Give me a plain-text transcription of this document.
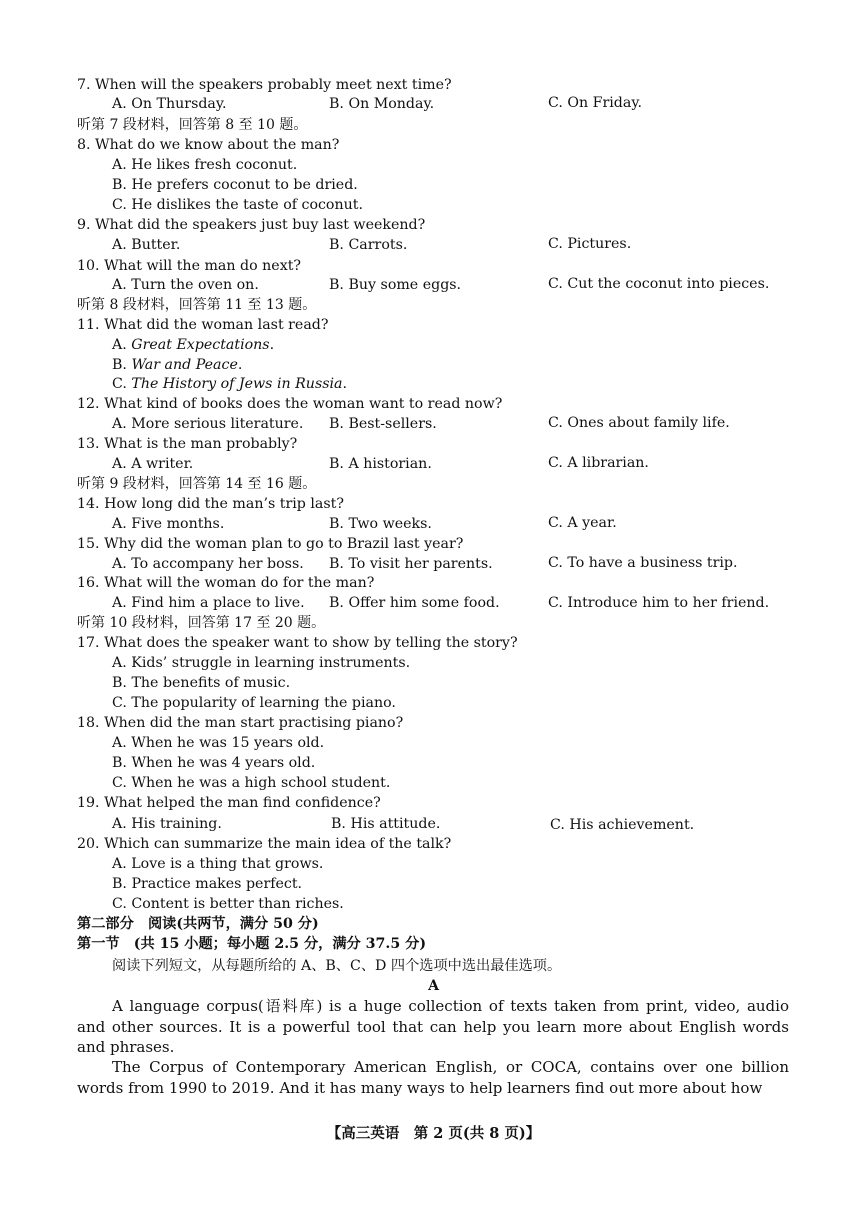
7. When will the speakers probably meet next time?
A. On Thursday.	B. On Monday.	C. On Friday.
听第 7 段材料，回答第 8 至 10 题。
8. What do we know about the man?
A. He likes fresh coconut.
B. He prefers coconut to be dried.
C. He dislikes the taste of coconut.
9. What did the speakers just buy last weekend?
A. Butter.	B. Carrots.	C. Pictures.
10. What will the man do next?
A. Turn the oven on.	B. Buy some eggs.	C. Cut the coconut into pieces.
听第 8 段材料，回答第 11 至 13 题。
11. What did the woman last read?
A. Great Expectations.
B. War and Peace.
C. The History of Jews in Russia.
12. What kind of books does the woman want to read now?
A. More serious literature. B. Best-sellers.	C. Ones about family life.
13. What is the man probably?
A. A writer.	B. A historian.	C. A librarian.
听第 9 段材料，回答第 14 至 16 题。
14. How long did the man’s trip last?
A. Five months.	B. Two weeks.	C. A year.
15. Why did the woman plan to go to Brazil last year?
A. To accompany her boss. B. To visit her parents.	C. To have a business trip.
16. What will the woman do for the man?
A. Find him a place to live. B. Offer him some food.	C. Introduce him to her friend.
听第 10 段材料，回答第 17 至 20 题。
17. What does the speaker want to show by telling the story?
A. Kids’ struggle in learning instruments.
B. The benefits of music.
C. The popularity of learning the piano.
18. When did the man start practising piano?
A. When he was 15 years old.
B. When he was 4 years old.
C. When he was a high school student.
19. What helped the man find confidence?
A. His training.	B. His attitude.	C. His achievement.
20. Which can summarize the main idea of the talk?
A. Love is a thing that grows.
B. Practice makes perfect.
C. Content is better than riches.
第二部分　阅读(共两节，满分 50 分)
第一节　(共 15 小题；每小题 2.5 分，满分 37.5 分)
阅读下列短文，从每题所给的 A、B、C、D 四个选项中选出最佳选项。
A

A language corpus(语料库) is a huge collection of texts taken from print, video, audio and other sources. It is a powerful tool that can help you learn more about English words and phrases.

The Corpus of Contemporary American English, or COCA, contains over one billion words from 1990 to 2019. And it has many ways to help learners find out more about how

【高三英语　第 2 页(共 8 页)】
